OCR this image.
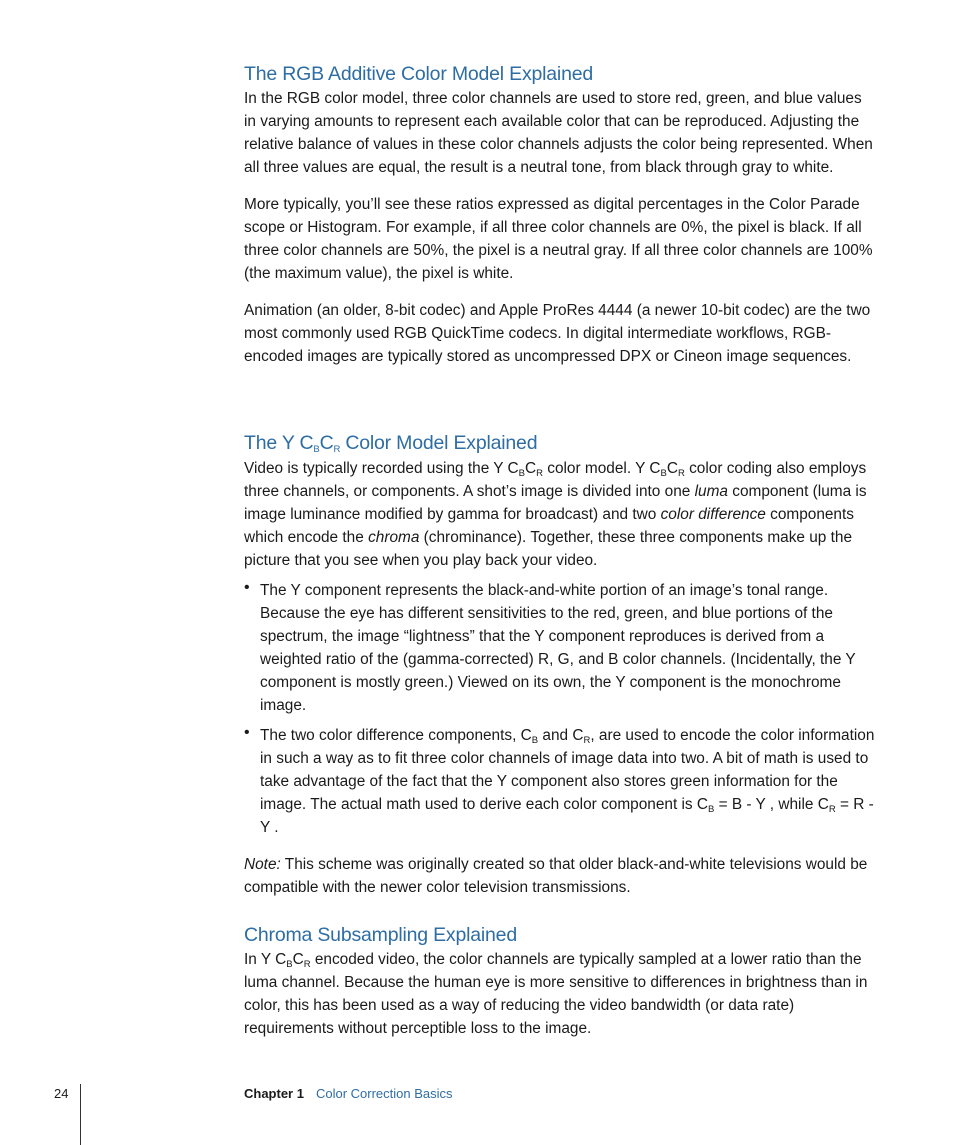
The RGB Additive Color Model Explained

In the RGB color model, three color channels are used to store red, green, and blue values in varying amounts to represent each available color that can be reproduced. Adjusting the relative balance of values in these color channels adjusts the color being represented. When all three values are equal, the result is a neutral tone, from black through gray to white.

More typically, you’ll see these ratios expressed as digital percentages in the Color Parade scope or Histogram. For example, if all three color channels are 0%, the pixel is black. If all three color channels are 50%, the pixel is a neutral gray. If all three color channels are 100% (the maximum value), the pixel is white.

Animation (an older, 8-bit codec) and Apple ProRes 4444 (a newer 10-bit codec) are the two most commonly used RGB QuickTime codecs. In digital intermediate workflows, RGB-encoded images are typically stored as uncompressed DPX or Cineon image sequences.

The Y $C_BC_R$ Color Model Explained

Video is typically recorded using the Y $C_BC_R$ color model. Y $C_BC_R$ color coding also employs three channels, or components. A shot’s image is divided into one luma component (luma is image luminance modified by gamma for broadcast) and two color difference components which encode the chroma (chrominance). Together, these three components make up the picture that you see when you play back your video.

• The Y component represents the black-and-white portion of an image’s tonal range. Because the eye has different sensitivities to the red, green, and blue portions of the spectrum, the image “lightness” that the Y component reproduces is derived from a weighted ratio of the (gamma-corrected) R, G, and B color channels. (Incidentally, the Y component is mostly green.) Viewed on its own, the Y component is the monochrome image.

• The two color difference components, $C_B$ and $C_R$, are used to encode the color information in such a way as to fit three color channels of image data into two. A bit of math is used to take advantage of the fact that the Y component also stores green information for the image. The actual math used to derive each color component is $C_B = B - Y$ , while $C_R = R - Y$ .

Note: This scheme was originally created so that older black-and-white televisions would be compatible with the newer color television transmissions.

Chroma Subsampling Explained

In Y $C_BC_R$ encoded video, the color channels are typically sampled at a lower ratio than the luma channel. Because the human eye is more sensitive to differences in brightness than in color, this has been used as a way of reducing the video bandwidth (or data rate) requirements without perceptible loss to the image.

24	Chapter 1 Color Correction Basics
